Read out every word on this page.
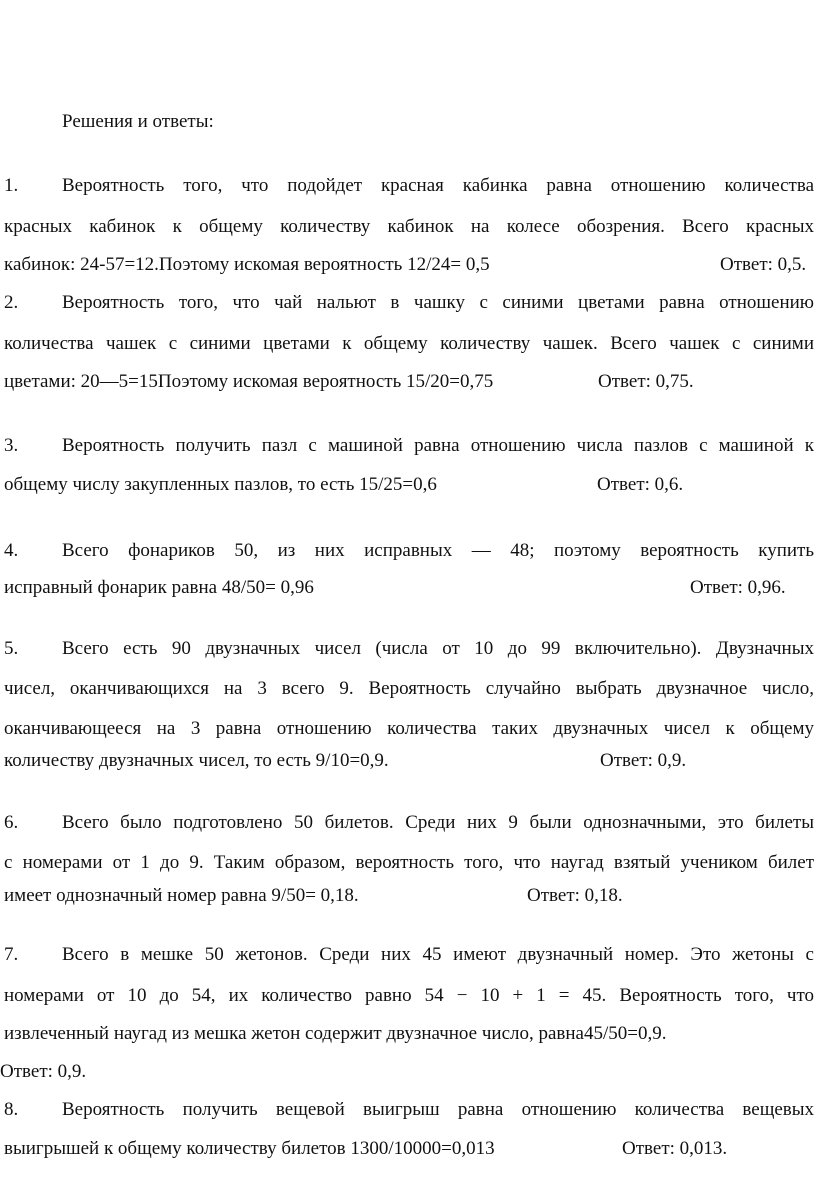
Решения и ответы:
1. Вероятность того, что подойдет красная кабинка равна отношению количества
красных кабинок к общему количеству кабинок на колесе обозрения. Всего красных
кабинок: 24-57=12.Поэтому искомая вероятность 12/24= 0,5	Ответ: 0,5.
2. Вероятность того, что чай нальют в чашку с синими цветами равна отношению
количества чашек с синими цветами к общему количеству чашек. Всего чашек с синими
цветами: 20—5=15Поэтому искомая вероятность 15/20=0,75	Ответ: 0,75.
3. Вероятность получить пазл с машиной равна отношению числа пазлов с машиной к
общему числу закупленных пазлов, то есть 15/25=0,6	Ответ: 0,6.
4. Всего фонариков 50, из них исправных — 48; поэтому вероятность купить
исправный фонарик равна 48/50= 0,96	Ответ: 0,96.
5. Всего есть 90 двузначных чисел (числа от 10 до 99 включительно). Двузначных
чисел, оканчивающихся на 3 всего 9. Вероятность случайно выбрать двузначное число,
оканчивающееся на 3 равна отношению количества таких двузначных чисел к общему
количеству двузначных чисел, то есть 9/10=0,9.	Ответ: 0,9.
6. Всего было подготовлено 50 билетов. Среди них 9 были однозначными, это билеты
с номерами от 1 до 9. Таким образом, вероятность того, что наугад взятый учеником билет
имеет однозначный номер равна 9/50= 0,18.	Ответ: 0,18.
7. Всего в мешке 50 жетонов. Среди них 45 имеют двузначный номер. Это жетоны с
номерами от 10 до 54, их количество равно 54 − 10 + 1 = 45. Вероятность того, что
извлеченный наугад из мешка жетон содержит двузначное число, равна45/50=0,9.
Ответ: 0,9.
8. Вероятность получить вещевой выигрыш равна отношению количества вещевых
выигрышей к общему количеству билетов 1300/10000=0,013	Ответ: 0,013.
